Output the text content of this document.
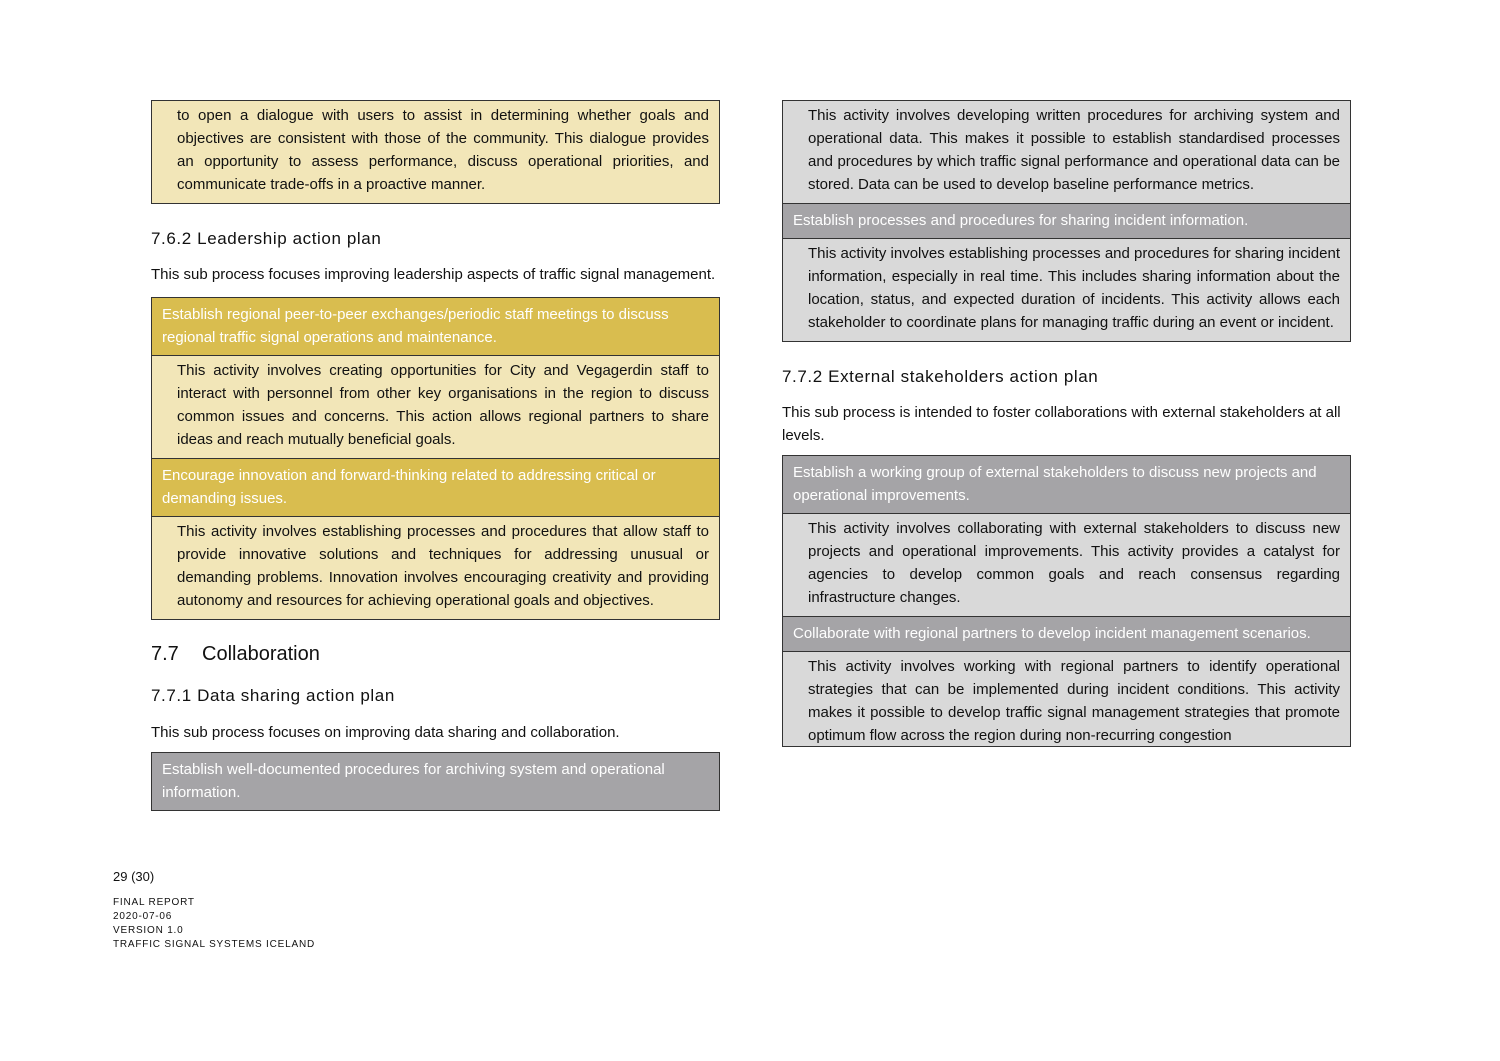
to open a dialogue with users to assist in determining whether goals and objectives are consistent with those of the community. This dialogue provides an opportunity to assess performance, discuss operational priorities, and communicate trade-offs in a proactive manner.
7.6.2 Leadership action plan

This sub process focuses improving leadership aspects of traffic signal management.

Establish regional peer-to-peer exchanges/periodic staff meetings to discuss regional traffic signal operations and maintenance.
This activity involves creating opportunities for City and Vegagerdin staff to interact with personnel from other key organisations in the region to discuss common issues and concerns. This action allows regional partners to share ideas and reach mutually beneficial goals.
Encourage innovation and forward-thinking related to addressing critical or demanding issues.
This activity involves establishing processes and procedures that allow staff to provide innovative solutions and techniques for addressing unusual or demanding problems. Innovation involves encouraging creativity and providing autonomy and resources for achieving operational goals and objectives.
7.7 Collaboration
7.7.1 Data sharing action plan

This sub process focuses on improving data sharing and collaboration.

Establish well-documented procedures for archiving system and operational information.
This activity involves developing written procedures for archiving system and operational data. This makes it possible to establish standardised processes and procedures by which traffic signal performance and operational data can be stored. Data can be used to develop baseline performance metrics.
Establish processes and procedures for sharing incident information.
This activity involves establishing processes and procedures for sharing incident information, especially in real time. This includes sharing information about the location, status, and expected duration of incidents. This activity allows each stakeholder to coordinate plans for managing traffic during an event or incident.
7.7.2 External stakeholders action plan

This sub process is intended to foster collaborations with external stakeholders at all levels.

Establish a working group of external stakeholders to discuss new projects and operational improvements.
This activity involves collaborating with external stakeholders to discuss new projects and operational improvements. This activity provides a catalyst for agencies to develop common goals and reach consensus regarding infrastructure changes.
Collaborate with regional partners to develop incident management scenarios.
This activity involves working with regional partners to identify operational strategies that can be implemented during incident conditions. This activity makes it possible to develop traffic signal management strategies that promote optimum flow across the region during non-recurring congestion
29 (30)
FINAL REPORT
2020-07-06
VERSION 1.0
TRAFFIC SIGNAL SYSTEMS ICELAND
